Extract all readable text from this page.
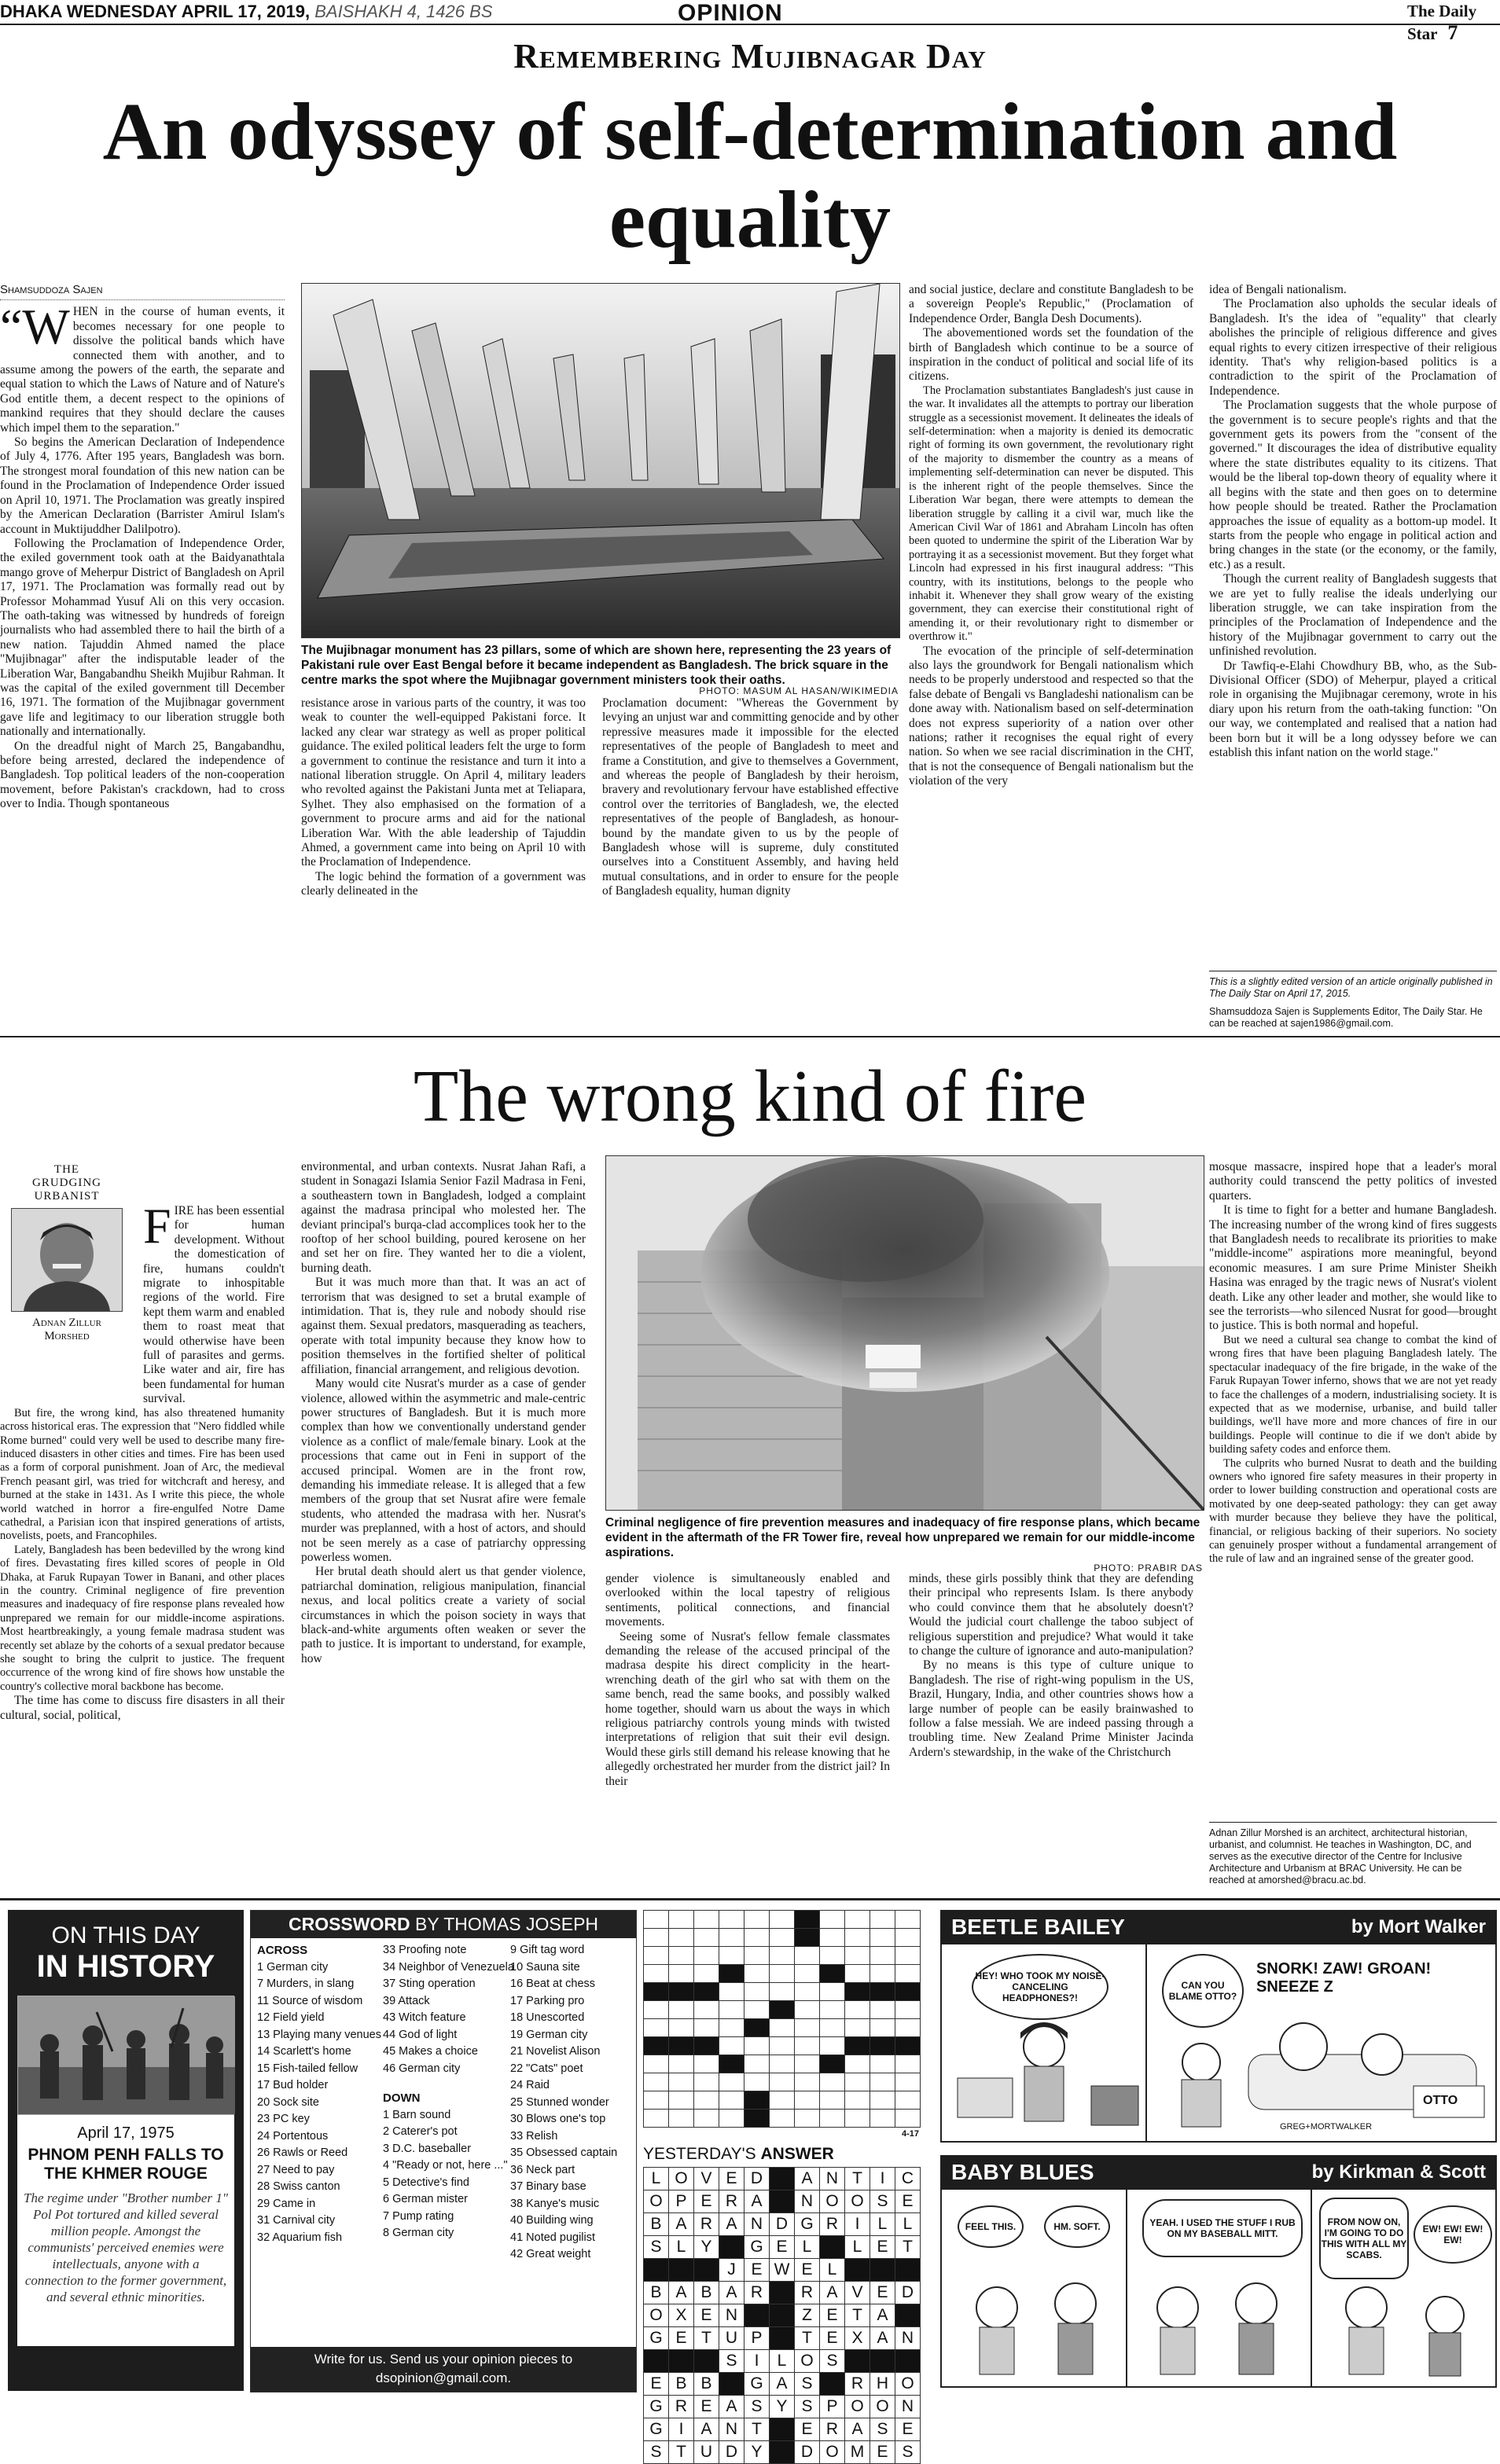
DHAKA WEDNESDAY APRIL 17, 2019, BAISHAKH 4, 1426 BS	OPINION	The Daily Star 7
Remembering Mujibnagar Day
An odyssey of self-determination and equality
Shamsuddoza Sajen

“WHEN in the course of human events, it becomes necessary for one people to dissolve the political bands which have connected them with another, and to assume among the powers of the earth, the separate and equal station to which the Laws of Nature and of Nature's God entitle them, a decent respect to the opinions of mankind requires that they should declare the causes which impel them to the separation."

So begins the American Declaration of Independence of July 4, 1776. After 195 years, Bangladesh was born. The strongest moral foundation of this new nation can be found in the Proclamation of Independence Order issued on April 10, 1971. The Proclamation was greatly inspired by the American Declaration (Barrister Amirul Islam's account in Muktijuddher Dalilpotro).

Following the Proclamation of Independence Order, the exiled government took oath at the Baidyanathtala mango grove of Meherpur District of Bangladesh on April 17, 1971. The Proclamation was formally read out by Professor Mohammad Yusuf Ali on this very occasion. The oath-taking was witnessed by hundreds of foreign journalists who had assembled there to hail the birth of a new nation. Tajuddin Ahmed named the place "Mujibnagar" after the indisputable leader of the Liberation War, Bangabandhu Sheikh Mujibur Rahman. It was the capital of the exiled government till December 16, 1971. The formation of the Mujibnagar government gave life and legitimacy to our liberation struggle both nationally and internationally.

On the dreadful night of March 25, Bangabandhu, before being arrested, declared the independence of Bangladesh. Top political leaders of the non-cooperation movement, before Pakistan's crackdown, had to cross over to India. Though spontaneous

The Mujibnagar monument has 23 pillars, some of which are shown here, representing the 23 years of Pakistani rule over East Bengal before it became independent as Bangladesh. The brick square in the centre marks the spot where the Mujibnagar government ministers took their oaths.
PHOTO: MASUM AL HASAN/WIKIMEDIA

resistance arose in various parts of the country, it was too weak to counter the well-equipped Pakistani force. It lacked any clear war strategy as well as proper political guidance. The exiled political leaders felt the urge to form a government to continue the resistance and turn it into a national liberation struggle. On April 4, military leaders who revolted against the Pakistani Junta met at Teliapara, Sylhet. They also emphasised on the formation of a government to procure arms and aid for the national Liberation War. With the able leadership of Tajuddin Ahmed, a government came into being on April 10 with the Proclamation of Independence.

The logic behind the formation of a government was clearly delineated in the

Proclamation document: "Whereas the Government by levying an unjust war and committing genocide and by other repressive measures made it impossible for the elected representatives of the people of Bangladesh to meet and frame a Constitution, and give to themselves a Government, and whereas the people of Bangladesh by their heroism, bravery and revolutionary fervour have established effective control over the territories of Bangladesh, we, the elected representatives of the people of Bangladesh, as honour-bound by the mandate given to us by the people of Bangladesh whose will is supreme, duly constituted ourselves into a Constituent Assembly, and having held mutual consultations, and in order to ensure for the people of Bangladesh equality, human dignity

and social justice, declare and constitute Bangladesh to be a sovereign People's Republic," (Proclamation of Independence Order, Bangla Desh Documents).

The abovementioned words set the foundation of the birth of Bangladesh which continue to be a source of inspiration in the conduct of political and social life of its citizens.

The Proclamation substantiates Bangladesh's just cause in the war. It invalidates all the attempts to portray our liberation struggle as a secessionist movement. It delineates the ideals of self-determination: when a majority is denied its democratic right of forming its own government, the revolutionary right of the majority to dismember the country as a means of implementing self-determination can never be disputed. This is the inherent right of the people themselves. Since the Liberation War began, there were attempts to demean the liberation struggle by calling it a civil war, much like the American Civil War of 1861 and Abraham Lincoln has often been quoted to undermine the spirit of the Liberation War by portraying it as a secessionist movement. But they forget what Lincoln had expressed in his first inaugural address: "This country, with its institutions, belongs to the people who inhabit it. Whenever they shall grow weary of the existing government, they can exercise their constitutional right of amending it, or their revolutionary right to dismember or overthrow it."

The evocation of the principle of self-determination also lays the groundwork for Bengali nationalism which needs to be properly understood and respected so that the false debate of Bengali vs Bangladeshi nationalism can be done away with. Nationalism based on self-determination does not express superiority of a nation over other nations; rather it recognises the equal right of every nation. So when we see racial discrimination in the CHT, that is not the consequence of Bengali nationalism but the violation of the very

idea of Bengali nationalism.

The Proclamation also upholds the secular ideals of Bangladesh. It's the idea of "equality" that clearly abolishes the principle of religious difference and gives equal rights to every citizen irrespective of their religious identity. That's why religion-based politics is a contradiction to the spirit of the Proclamation of Independence.

The Proclamation suggests that the whole purpose of the government is to secure people's rights and that the government gets its powers from the "consent of the governed." It discourages the idea of distributive equality where the state distributes equality to its citizens. That would be the liberal top-down theory of equality where it all begins with the state and then goes on to determine how people should be treated. Rather the Proclamation approaches the issue of equality as a bottom-up model. It starts from the people who engage in political action and bring changes in the state (or the economy, or the family, etc.) as a result.

Though the current reality of Bangladesh suggests that we are yet to fully realise the ideals underlying our liberation struggle, we can take inspiration from the principles of the Proclamation of Independence and the history of the Mujibnagar government to carry out the unfinished revolution.

Dr Tawfiq-e-Elahi Chowdhury BB, who, as the Sub-Divisional Officer (SDO) of Meherpur, played a critical role in organising the Mujibnagar ceremony, wrote in his diary upon his return from the oath-taking function: "On our way, we contemplated and realised that a nation had been born but it will be a long odyssey before we can establish this infant nation on the world stage."

This is a slightly edited version of an article originally published in The Daily Star on April 17, 2015.
Shamsuddoza Sajen is Supplements Editor, The Daily Star. He can be reached at sajen1986@gmail.com.
The wrong kind of fire
THE GRUDGING URBANIST
Adnan Zillur Morshed

FIRE has been essential for human development. Without the domestication of fire, humans couldn't migrate to inhospitable regions of the world. Fire kept them warm and enabled them to roast meat that would otherwise have been full of parasites and germs. Like water and air, fire has been fundamental for human survival.

But fire, the wrong kind, has also threatened humanity across historical eras. The expression that "Nero fiddled while Rome burned" could very well be used to describe many fire-induced disasters in other cities and times. Fire has been used as a form of corporal punishment. Joan of Arc, the medieval French peasant girl, was tried for witchcraft and heresy, and burned at the stake in 1431. As I write this piece, the whole world watched in horror a fire-engulfed Notre Dame cathedral, a Parisian icon that inspired generations of artists, novelists, poets, and Francophiles.

Lately, Bangladesh has been bedevilled by the wrong kind of fires. Devastating fires killed scores of people in Old Dhaka, at Faruk Rupayan Tower in Banani, and other places in the country. Criminal negligence of fire prevention measures and inadequacy of fire response plans revealed how unprepared we remain for our middle-income aspirations. Most heartbreakingly, a young female madrasa student was recently set ablaze by the cohorts of a sexual predator because she sought to bring the culprit to justice. The frequent occurrence of the wrong kind of fire shows how unstable the country's collective moral backbone has become.

The time has come to discuss fire disasters in all their cultural, social, political,

environmental, and urban contexts. Nusrat Jahan Rafi, a student in Sonagazi Islamia Senior Fazil Madrasa in Feni, a southeastern town in Bangladesh, lodged a complaint against the madrasa principal who molested her. The deviant principal's burqa-clad accomplices took her to the rooftop of her school building, poured kerosene on her and set her on fire. They wanted her to die a violent, burning death.

But it was much more than that. It was an act of terrorism that was designed to set a brutal example of intimidation. That is, they rule and nobody should rise against them. Sexual predators, masquerading as teachers, operate with total impunity because they know how to position themselves in the fortified shelter of political affiliation, financial arrangement, and religious devotion.

Many would cite Nusrat's murder as a case of gender violence, allowed within the asymmetric and male-centric power structures of Bangladesh. But it is much more complex than how we conventionally understand gender violence as a conflict of male/female binary. Look at the processions that came out in Feni in support of the accused principal. Women are in the front row, demanding his immediate release. It is alleged that a few members of the group that set Nusrat afire were female students, who attended the madrasa with her. Nusrat's murder was preplanned, with a host of actors, and should not be seen merely as a case of patriarchy oppressing powerless women.

Her brutal death should alert us that gender violence, patriarchal domination, religious manipulation, financial nexus, and local politics create a variety of social circumstances in which the poison society in ways that black-and-white arguments often weaken or sever the path to justice. It is important to understand, for example, how

Criminal negligence of fire prevention measures and inadequacy of fire response plans, which became evident in the aftermath of the FR Tower fire, reveal how unprepared we remain for our middle-income aspirations.
PHOTO: PRABIR DAS

gender violence is simultaneously enabled and overlooked within the local tapestry of religious sentiments, political connections, and financial movements.

Seeing some of Nusrat's fellow female classmates demanding the release of the accused principal of the madrasa despite his direct complicity in the heart-wrenching death of the girl who sat with them on the same bench, read the same books, and possibly walked home together, should warn us about the ways in which religious patriarchy controls young minds with twisted interpretations of religion that suit their evil design. Would these girls still demand his release knowing that he allegedly orchestrated her murder from the district jail? In their

minds, these girls possibly think that they are defending their principal who represents Islam. Is there anybody who could convince them that he absolutely doesn't? Would the judicial court challenge the taboo subject of religious superstition and prejudice? What would it take to change the culture of ignorance and auto-manipulation?

By no means is this type of culture unique to Bangladesh. The rise of right-wing populism in the US, Brazil, Hungary, India, and other countries shows how a large number of people can be easily brainwashed to follow a false messiah. We are indeed passing through a troubling time. New Zealand Prime Minister Jacinda Ardern's stewardship, in the wake of the Christchurch

mosque massacre, inspired hope that a leader's moral authority could transcend the petty politics of invested quarters.

It is time to fight for a better and humane Bangladesh. The increasing number of the wrong kind of fires suggests that Bangladesh needs to recalibrate its priorities to make "middle-income" aspirations more meaningful, beyond economic measures. I am sure Prime Minister Sheikh Hasina was enraged by the tragic news of Nusrat's violent death. Like any other leader and mother, she would like to see the terrorists—who silenced Nusrat for good—brought to justice. This is both normal and hopeful.

But we need a cultural sea change to combat the kind of wrong fires that have been plaguing Bangladesh lately. The spectacular inadequacy of the fire brigade, in the wake of the Faruk Rupayan Tower inferno, shows that we are not yet ready to face the challenges of a modern, industrialising society. It is expected that as we modernise, urbanise, and build taller buildings, we'll have more and more chances of fire in our buildings. People will continue to die if we don't abide by building safety codes and enforce them.

The culprits who burned Nusrat to death and the building owners who ignored fire safety measures in their property in order to lower building construction and operational costs are motivated by one deep-seated pathology: they can get away with murder because they believe they have the political, financial, or religious backing of their superiors. No society can genuinely prosper without a fundamental arrangement of the rule of law and an ingrained sense of the greater good.

Adnan Zillur Morshed is an architect, architectural historian, urbanist, and columnist. He teaches in Washington, DC, and serves as the executive director of the Centre for Inclusive Architecture and Urbanism at BRAC University. He can be reached at amorshed@bracu.ac.bd.
ON THIS DAY
IN HISTORY
April 17, 1975
PHNOM PENH FALLS TO THE KHMER ROUGE
The regime under "Brother number 1" Pol Pot tortured and killed several million people. Amongst the communists' perceived enemies were intellectuals, anyone with a connection to the former government, and several ethnic minorities.
CROSSWORD BY THOMAS JOSEPH
ACROSS
1 German city
7 Murders, in slang
11 Source of wisdom
12 Field yield
13 Playing many venues
14 Scarlett's home
15 Fish-tailed fellow
17 Bud holder
20 Sock site
23 PC key
24 Portentous
26 Rawls or Reed
27 Need to pay
28 Swiss canton
29 Came in
31 Carnival city
32 Aquarium fish
33 Proofing note
34 Neighbor of Venezuela
37 Sting operation
39 Attack
43 Witch feature
44 God of light
45 Makes a choice
46 German city
DOWN
1 Barn sound
2 Caterer's pot
3 D.C. baseballer
4 "Ready or not, here ..."
5 Detective's find
6 German mister
7 Pump rating
8 German city
9 Gift tag word
10 Sauna site
16 Beat at chess
17 Parking pro
18 Unescorted
19 German city
21 Novelist Alison
22 "Cats" poet
24 Raid
25 Stunned wonder
30 Blows one's top
33 Relish
35 Obsessed captain
36 Neck part
37 Binary base
38 Kanye's music
40 Building wing
41 Noted pugilist
42 Great weight
Write for us. Send us your opinion pieces to
dsopinion@gmail.com.

4-17
YESTERDAY'S ANSWER
L	O	V	E	D		A	N	T	I	C
O	P	E	R	A		N	O	O	S	E
B	A	R	A	N	D	G	R	I	L	L
S	L	Y		G	E	L		L	E	T
			J	E	W	E	L			
B	A	B	A	R		R	A	V	E	D
O	X	E	N			Z	E	T	A	
G	E	T	U	P		T	E	X	A	N
			S	I	L	O	S			
E	B	B		G	A	S		R	H	O
G	R	E	A	S	Y	S	P	O	O	N
G	I	A	N	T		E	R	A	S	E
S	T	U	D	Y		D	O	M	E	S
BEETLE BAILEY	by Mort Walker
HEY! WHO TOOK MY NOISE-CANCELING HEADPHONES?!
CAN YOU BLAME OTTO?
SNORK! ZAW! GROAN! SNEEZE Z
OTTO
GREG+MORTWALKER
BABY BLUES	by Kirkman & Scott
FEEL THIS.	HM. SOFT.	YEAH. I USED THE STUFF I RUB ON MY BASEBALL MITT.
FROM NOW ON, I'M GOING TO DO THIS WITH ALL MY SCABS.
EW! EW! EW! EW!
